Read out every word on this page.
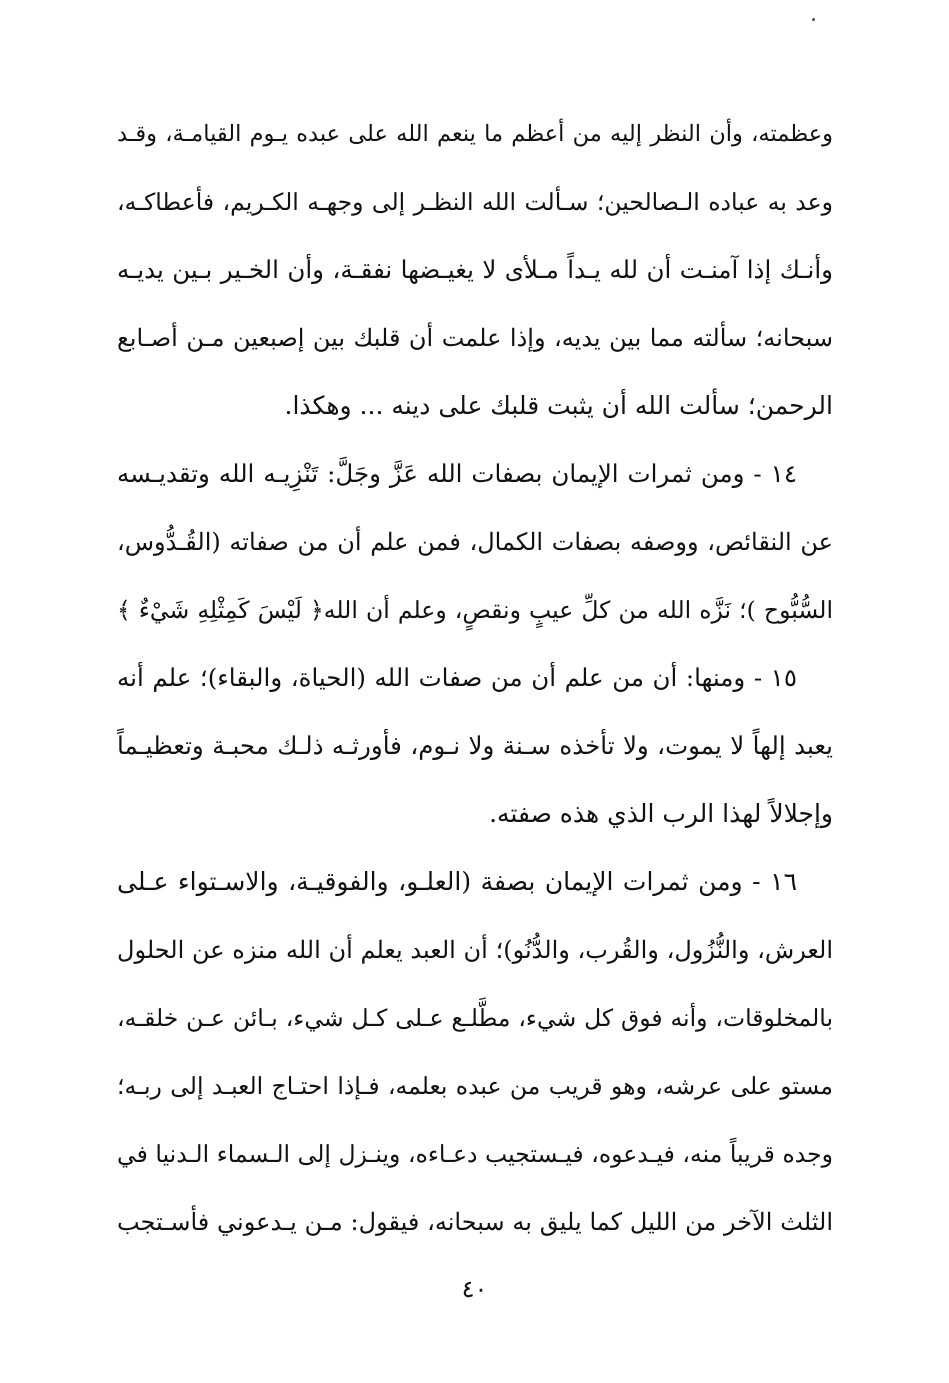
وعظمته، وأن النظر إليه من أعظم ما ينعم الله على عبده يـوم القيامـة، وقـد
وعد به عباده الـصالحين؛ سـألت الله النظـر إلى وجهـه الكـريم، فأعطاكـه،
وأنـك إذا آمنـت أن لله يـداً مـلأى لا يغيـضها نفقـة، وأن الخـير بـين يديـه
سبحانه؛ سألته مما بين يديه، وإذا علمت أن قلبك بين إصبعين مـن أصـابع
الرحمن؛ سألت الله أن يثبت قلبك على دينه ... وهكذا.
١٤ - ومن ثمرات الإيمان بصفات الله عَزَّ وجَلَّ: تَنْزِيـه الله وتقديـسه
عن النقائص، ووصفه بصفات الكمال، فمن علم أن من صفاته (القُـدُّوس،
السُّبُّوح )؛ نَزَّه الله من كلِّ عيبٍ ونقصٍ، وعلم أن الله﴿ لَيْسَ كَمِثْلِهِ شَيْءٌ ﴾
١٥ - ومنها: أن من علم أن من صفات الله (الحياة، والبقاء)؛ علم أنه
يعبد إلهاً لا يموت، ولا تأخذه سـنة ولا نـوم، فأورثـه ذلـك محبـة وتعظيـماً
وإجلالاً لهذا الرب الذي هذه صفته.
١٦ - ومن ثمرات الإيمان بصفة (العلـو، والفوقيـة، والاسـتواء عـلى
العرش، والنُّزُول، والقُرب، والدُّنُو)؛ أن العبد يعلم أن الله منزه عن الحلول
بالمخلوقات، وأنه فوق كل شيء، مطَّلـع عـلى كـل شيء، بـائن عـن خلقـه،
مستو على عرشه، وهو قريب من عبده بعلمه، فـإذا احتـاج العبـد إلى ربـه؛
وجده قريباً منه، فيـدعوه، فيـستجيب دعـاءه، وينـزل إلى الـسماء الـدنيا في
الثلث الآخر من الليل كما يليق به سبحانه، فيقول: مـن يـدعوني فأسـتجب
٤٠
